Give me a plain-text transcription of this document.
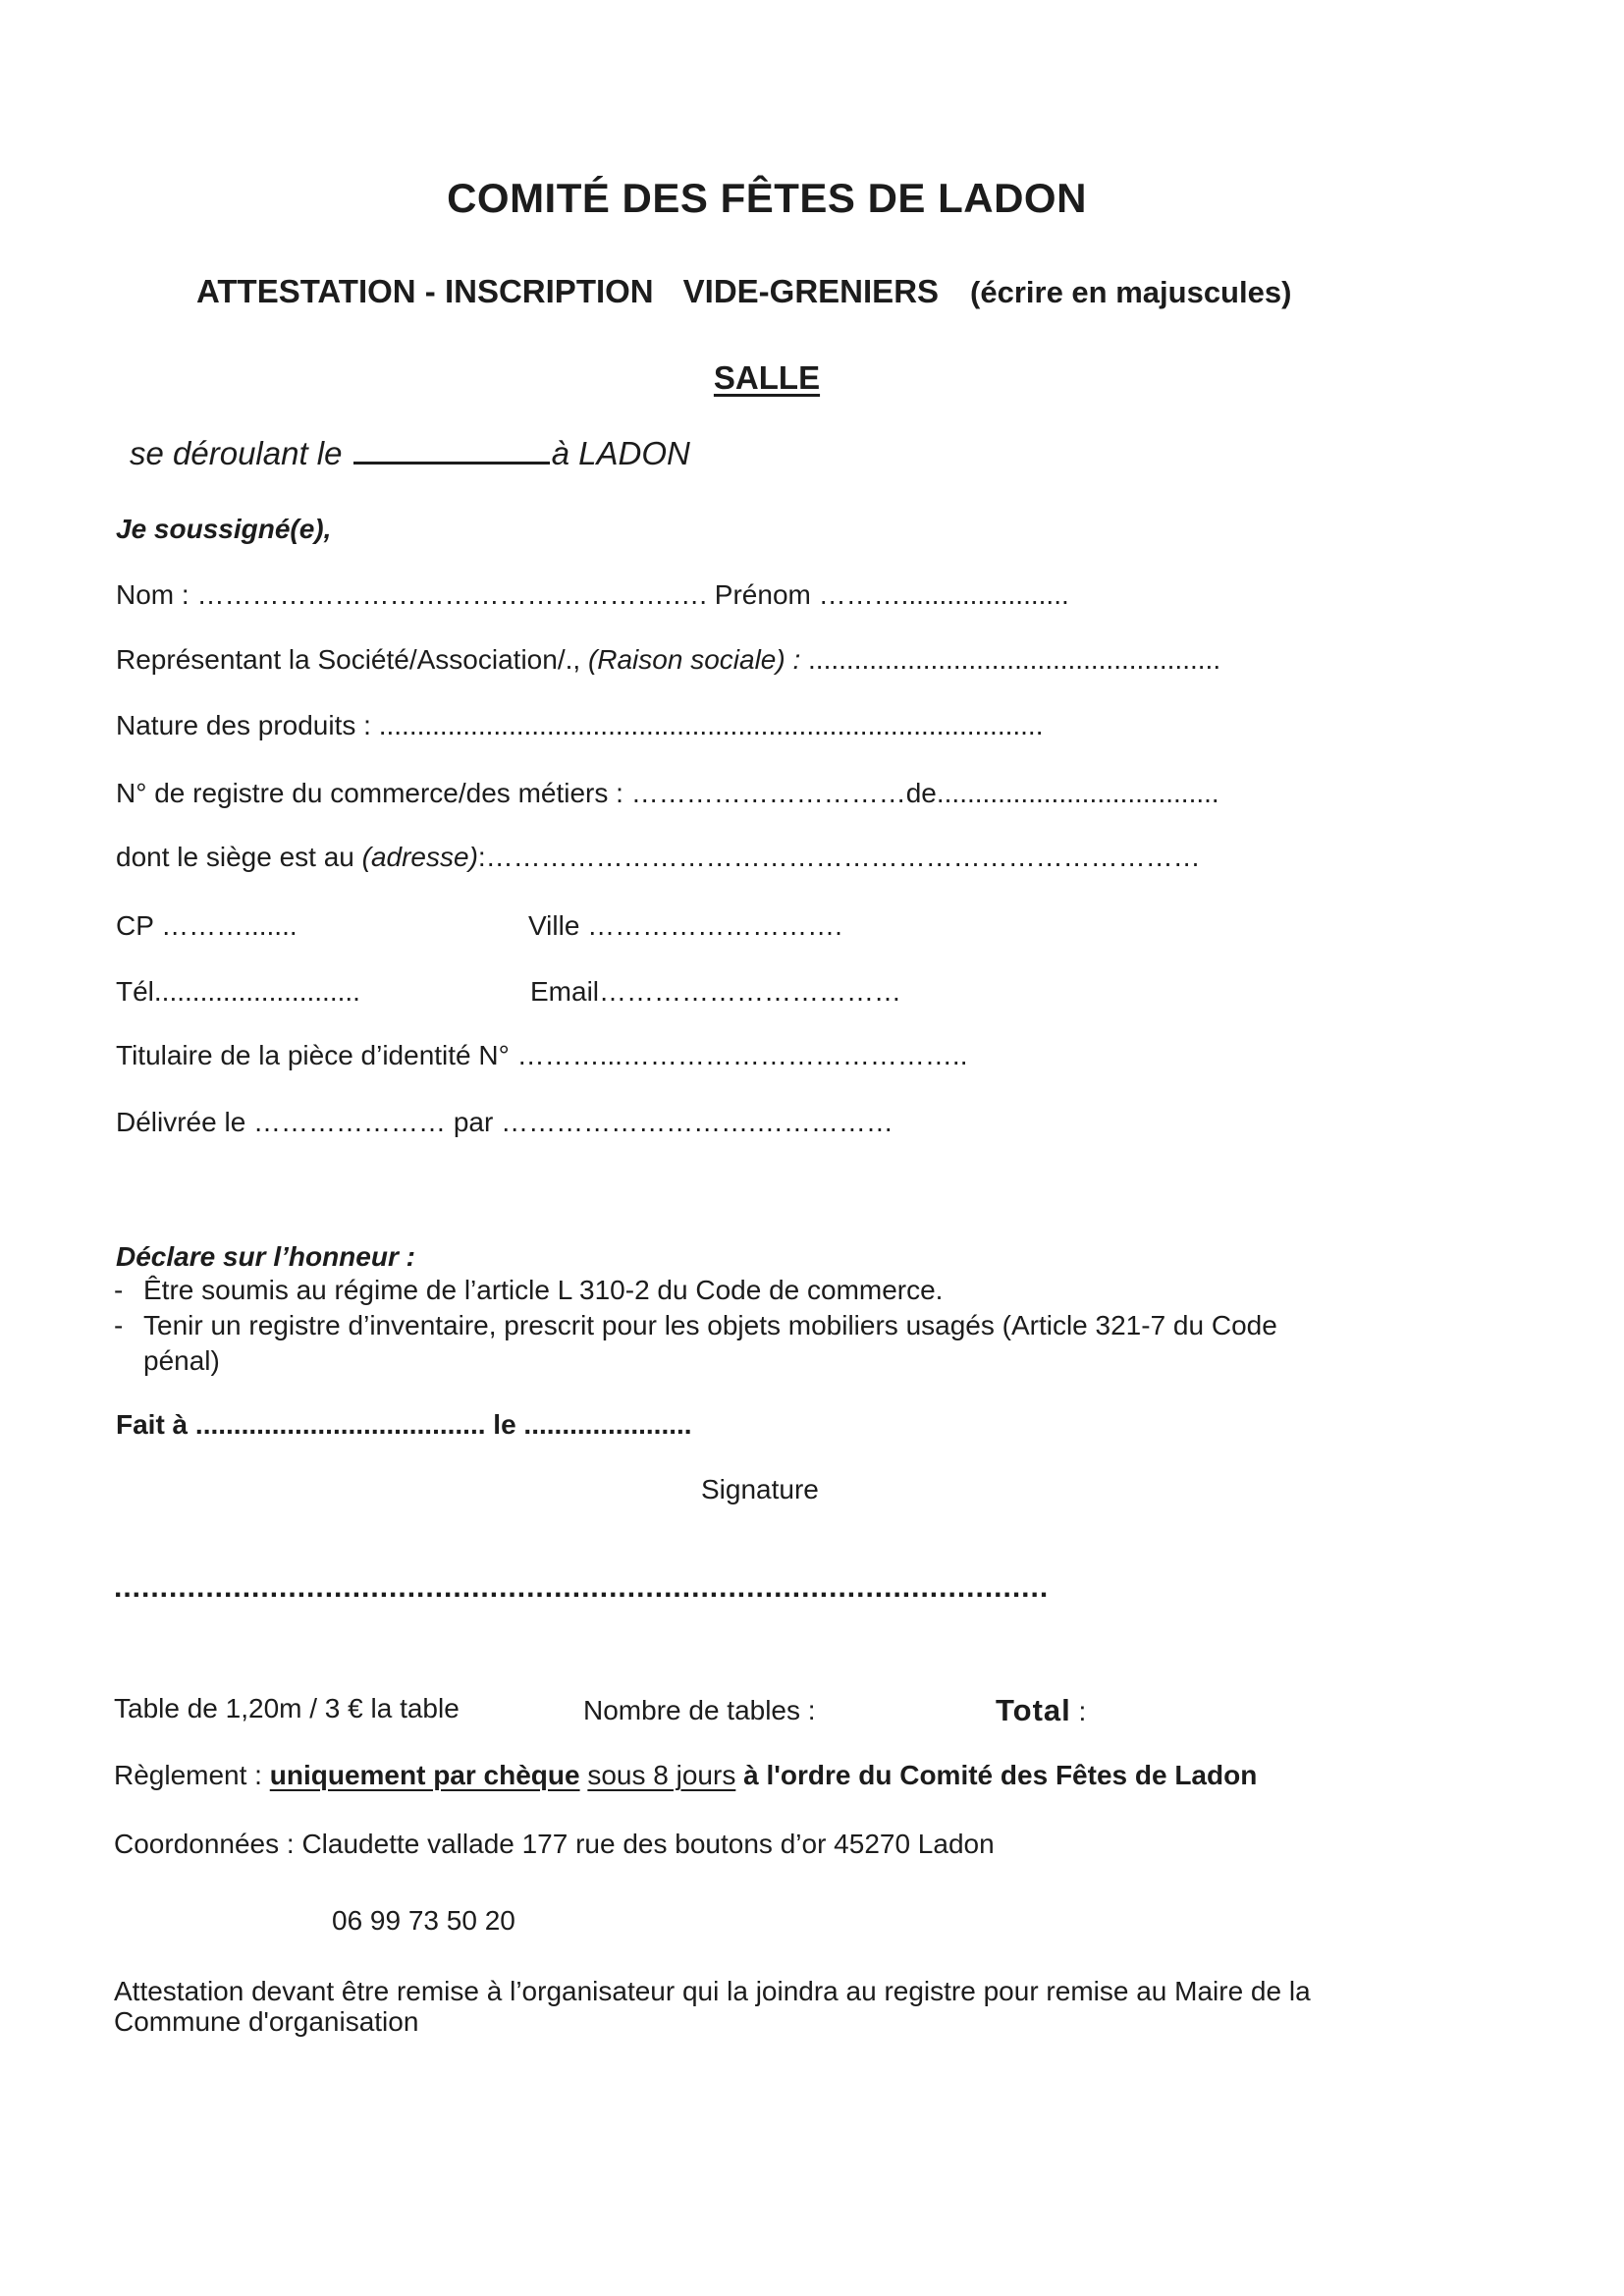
COMITÉ DES FÊTES DE LADON
ATTESTATION - INSCRIPTION VIDE-GRENIERS (écrire en majuscules)
SALLE
se déroulant le	à LADON
Je soussigné(e),
Nom : …………………………………………….…. Prénom ………......................
Représentant la Société/Association/., (Raison sociale) : ......................................................
Nature des produits : .......................................................................................
N° de registre du commerce/des métiers : …………………………de.....................................
dont le siège est au (adresse):……………………………………………………………………
CP ……….......	Ville ……………………….
Tél...........................	Email……………………………
Titulaire de la pièce d’identité N° ………...………………………………..
Délivrée le ………………… par ……………………….……………
Déclare sur l’honneur :
- Être soumis au régime de l’article L 310-2 du Code de commerce.
- Tenir un registre d’inventaire, prescrit pour les objets mobiliers usagés (Article 321-7 du Code pénal)
Fait à ...................................... le ......................
Signature
......................................................................................................
Table de 1,20m / 3 € la table	Nombre de tables :	Total :
Règlement : uniquement par chèque sous 8 jours à l'ordre du Comité des Fêtes de Ladon
Coordonnées : Claudette vallade 177 rue des boutons d’or 45270 Ladon
06 99 73 50 20
Attestation devant être remise à l’organisateur qui la joindra au registre pour remise au Maire de la Commune d'organisation
